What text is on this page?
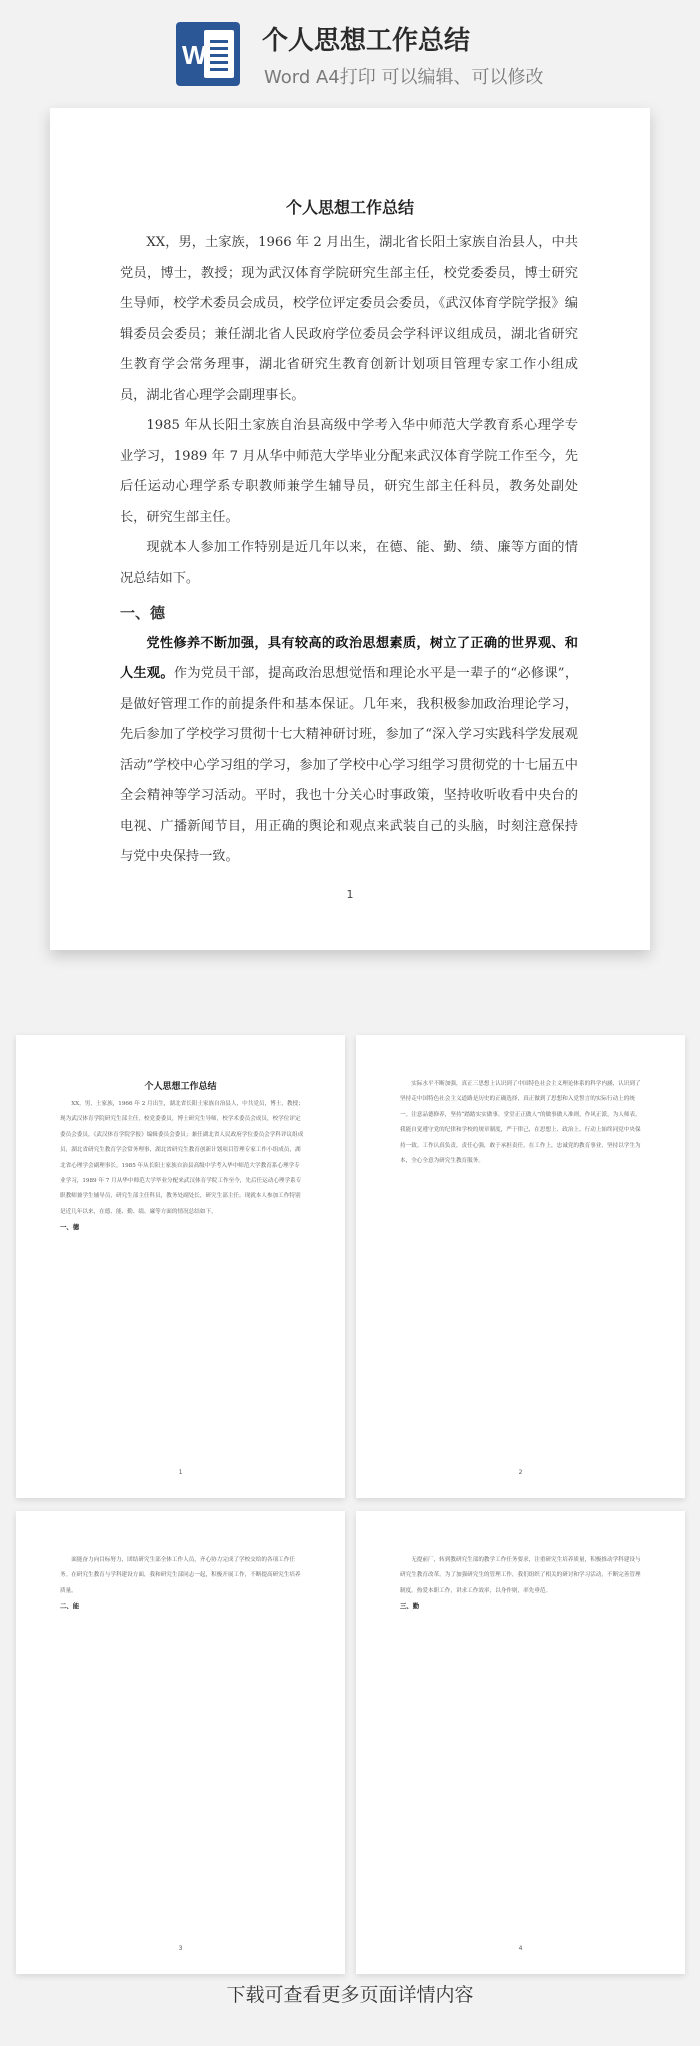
W 个人思想工作总结
Word A4打印 可以编辑、可以修改
个人思想工作总结

XX，男，土家族，1966 年 2 月出生，湖北省长阳土家族自治县人，中共党员，博士，教授；现为武汉体育学院研究生部主任，校党委委员，博士研究生导师，校学术委员会成员，校学位评定委员会委员，《武汉体育学院学报》编辑委员会委员；兼任湖北省人民政府学位委员会学科评议组成员，湖北省研究生教育学会常务理事，湖北省研究生教育创新计划项目管理专家工作小组成员，湖北省心理学会副理事长。

1985 年从长阳土家族自治县高级中学考入华中师范大学教育系心理学专业学习，1989 年 7 月从华中师范大学毕业分配来武汉体育学院工作至今，先后任运动心理学系专职教师兼学生辅导员，研究生部主任科员，教务处副处长，研究生部主任。

现就本人参加工作特别是近几年以来，在德、能、勤、绩、廉等方面的情况总结如下。

一、德

党性修养不断加强，具有较高的政治思想素质，树立了正确的世界观、和人生观。作为党员干部，提高政治思想觉悟和理论水平是一辈子的“必修课”，是做好管理工作的前提条件和基本保证。几年来，我积极参加政治理论学习，先后参加了学校学习贯彻十七大精神研讨班，参加了“深入学习实践科学发展观活动”学校中心学习组的学习，参加了学校中心学习组学习贯彻党的十七届五中全会精神等学习活动。平时，我也十分关心时事政策，坚持收听收看中央台的电视、广播新闻节目，用正确的舆论和观点来武装自己的头脑，时刻注意保持与党中央保持一致。

1
个人思想工作总结

XX，男，土家族，1966 年 2 月出生，湖北省长阳土家族自治县人，中共党员，博士，教授；现为武汉体育学院研究生部主任，校党委委员，博士研究生导师，校学术委员会成员，校学位评定委员会委员，《武汉体育学院学报》编辑委员会委员；兼任湖北省人民政府学位委员会学科评议组成员，湖北省研究生教育学会常务理事，湖北省研究生教育创新计划项目管理专家工作小组成员，湖北省心理学会副理事长。1985 年从长阳土家族自治县高级中学考入华中师范大学教育系心理学专业学习，1989 年 7 月从华中师范大学毕业分配来武汉体育学院工作至今，先后任运动心理学系专职教师兼学生辅导员，研究生部主任科员，教务处副处长，研究生部主任。现就本人参加工作特别是近几年以来，在德、能、勤、绩、廉等方面的情况总结如下。

一、德
1

实际水平不断加强，真正三思想上认识到了中国特色社会主义理论体系的科学内涵，认识到了坚持走中国特色社会主义道路是历史的正确选择，真正做到了思想和入党誓言的实际行动上的统一。注意品德修养，坚持“踏踏实实做事，堂堂正正做人”的做事做人准则，作风正派，为人师表。我能自觉遵守党的纪律和学校的规章制度，严于律己，在思想上、政治上、行动上始终同党中央保持一致。工作认真负责，责任心强，敢于承担责任。在工作上，忠诚党的教育事业，坚持以学生为本，全心全意为研究生教育服务。

2

面能奋力向目标努力，团结研究生部全体工作人员，齐心协力完成了学校交给的各项工作任务。在研究生教育与学科建设方面，我和研究生部同志一起，积极开展工作，不断提高研究生培养质量。

二、能
3

无提前厂，转到教研究生部的教学工作任务要求，注重研究生培养质量，积极推动学科建设与研究生教育改革。为了加强研究生的管理工作，我们组织了相关的研讨和学习活动，不断完善管理制度。热爱本职工作，讲求工作效率，以身作则，率先垂范。

三、勤
4
下载可查看更多页面详情内容
